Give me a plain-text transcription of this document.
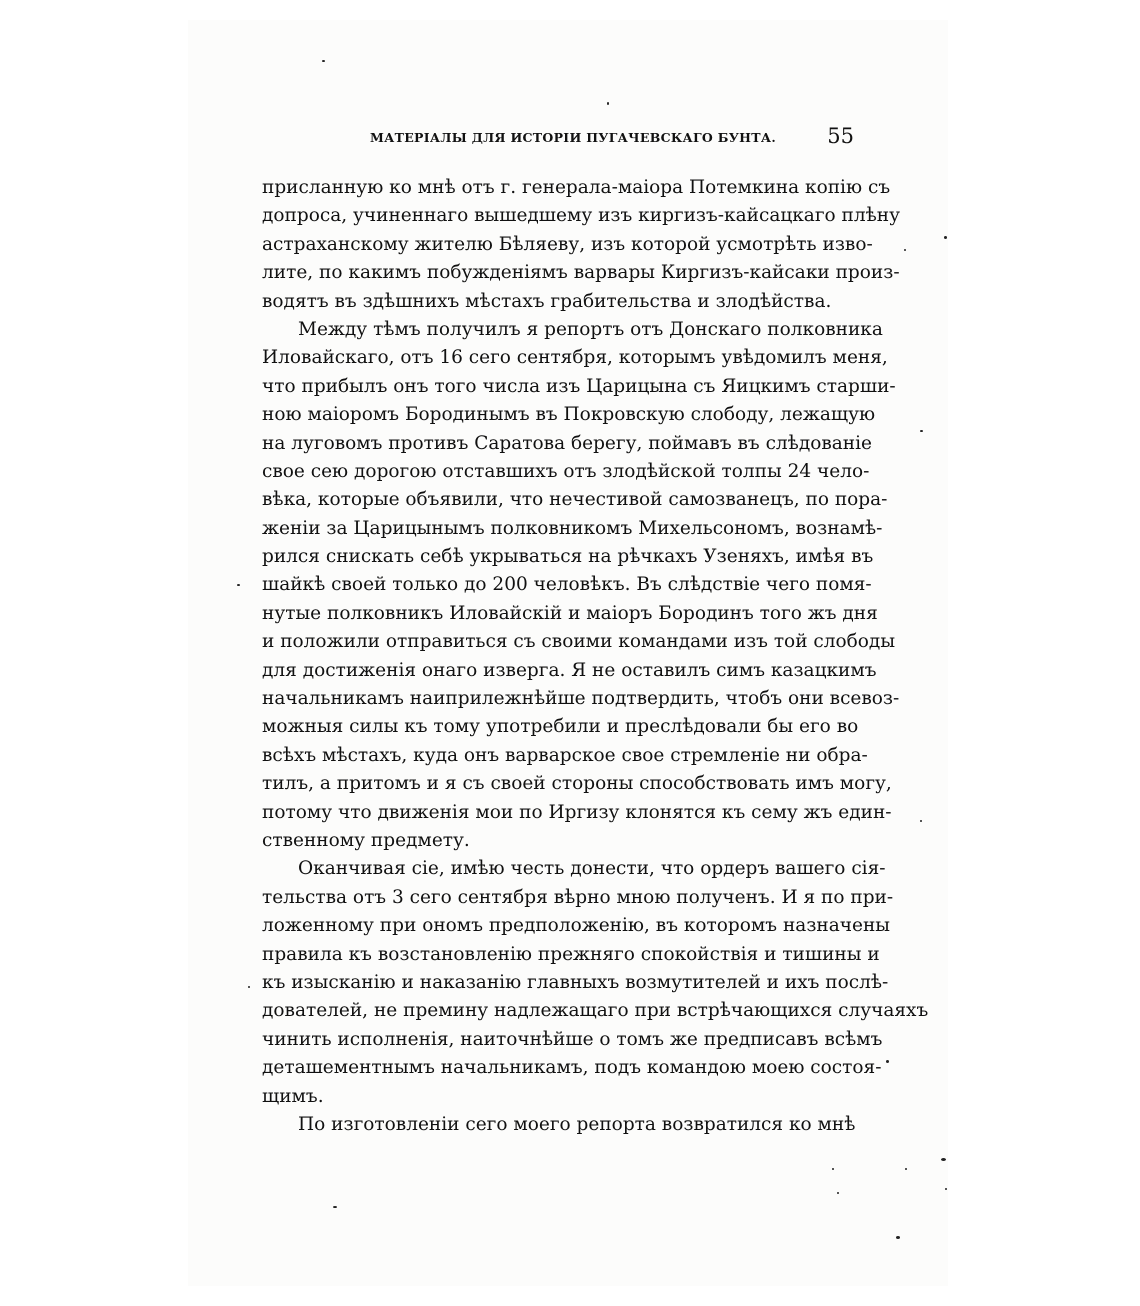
МАТЕРІАЛЫ ДЛЯ ИСТОРІИ ПУГАЧЕВСКАГО БУНТА. 55
присланную ко мнѣ отъ г. генерала-маіора Потемкина копію съ
допроса, учиненнаго вышедшему изъ киргизъ-кайсацкаго плѣну
астраханскому жителю Бѣляеву, изъ которой усмотрѣть изво-
лите, по какимъ побужденіямъ варвары Киргизъ-кайсаки произ-
водятъ въ здѣшнихъ мѣстахъ грабительства и злодѣйства.
Между тѣмъ получилъ я репортъ отъ Донскаго полковника
Иловайскаго, отъ 16 сего сентября, которымъ увѣдомилъ меня,
что прибылъ онъ того числа изъ Царицына съ Яицкимъ старши-
ною маіоромъ Бородинымъ въ Покровскую слободу, лежащую
на луговомъ противъ Саратова берегу, поймавъ въ слѣдованіе
свое сею дорогою отставшихъ отъ злодѣйской толпы 24 чело-
вѣка, которые объявили, что нечестивой самозванецъ, по пора-
женіи за Царицынымъ полковникомъ Михельсономъ, вознамѣ-
рился снискать себѣ укрываться на рѣчкахъ Узеняхъ, имѣя въ
шайкѣ своей только до 200 человѣкъ. Въ слѣдствіе чего помя-
нутые полковникъ Иловайскій и маіоръ Бородинъ того жъ дня
и положили отправиться съ своими командами изъ той слободы
для достиженія онаго изверга. Я не оставилъ симъ казацкимъ
начальникамъ наиприлежнѣйше подтвердить, чтобъ они всевоз-
можныя силы къ тому употребили и преслѣдовали бы его во
всѣхъ мѣстахъ, куда онъ варварское свое стремленіе ни обра-
тилъ, а притомъ и я съ своей стороны способствовать имъ могу,
потому что движенія мои по Иргизу клонятся къ сему жъ един-
ственному предмету.
Оканчивая сіе, имѣю честь донести, что ордеръ вашего сія-
тельства отъ 3 сего сентября вѣрно мною полученъ. И я по при-
ложенному при ономъ предположенію, въ которомъ назначены
правила къ возстановленію прежняго спокойствія и тишины и
къ изысканію и наказанію главныхъ возмутителей и ихъ послѣ-
дователей, не премину надлежащаго при встрѣчающихся случаяхъ
чинить исполненія, наиточнѣйше о томъ же предписавъ всѣмъ
деташементнымъ начальникамъ, подъ командою моею состоя-
щимъ.
По изготовленіи сего моего репорта возвратился ко мнѣ
